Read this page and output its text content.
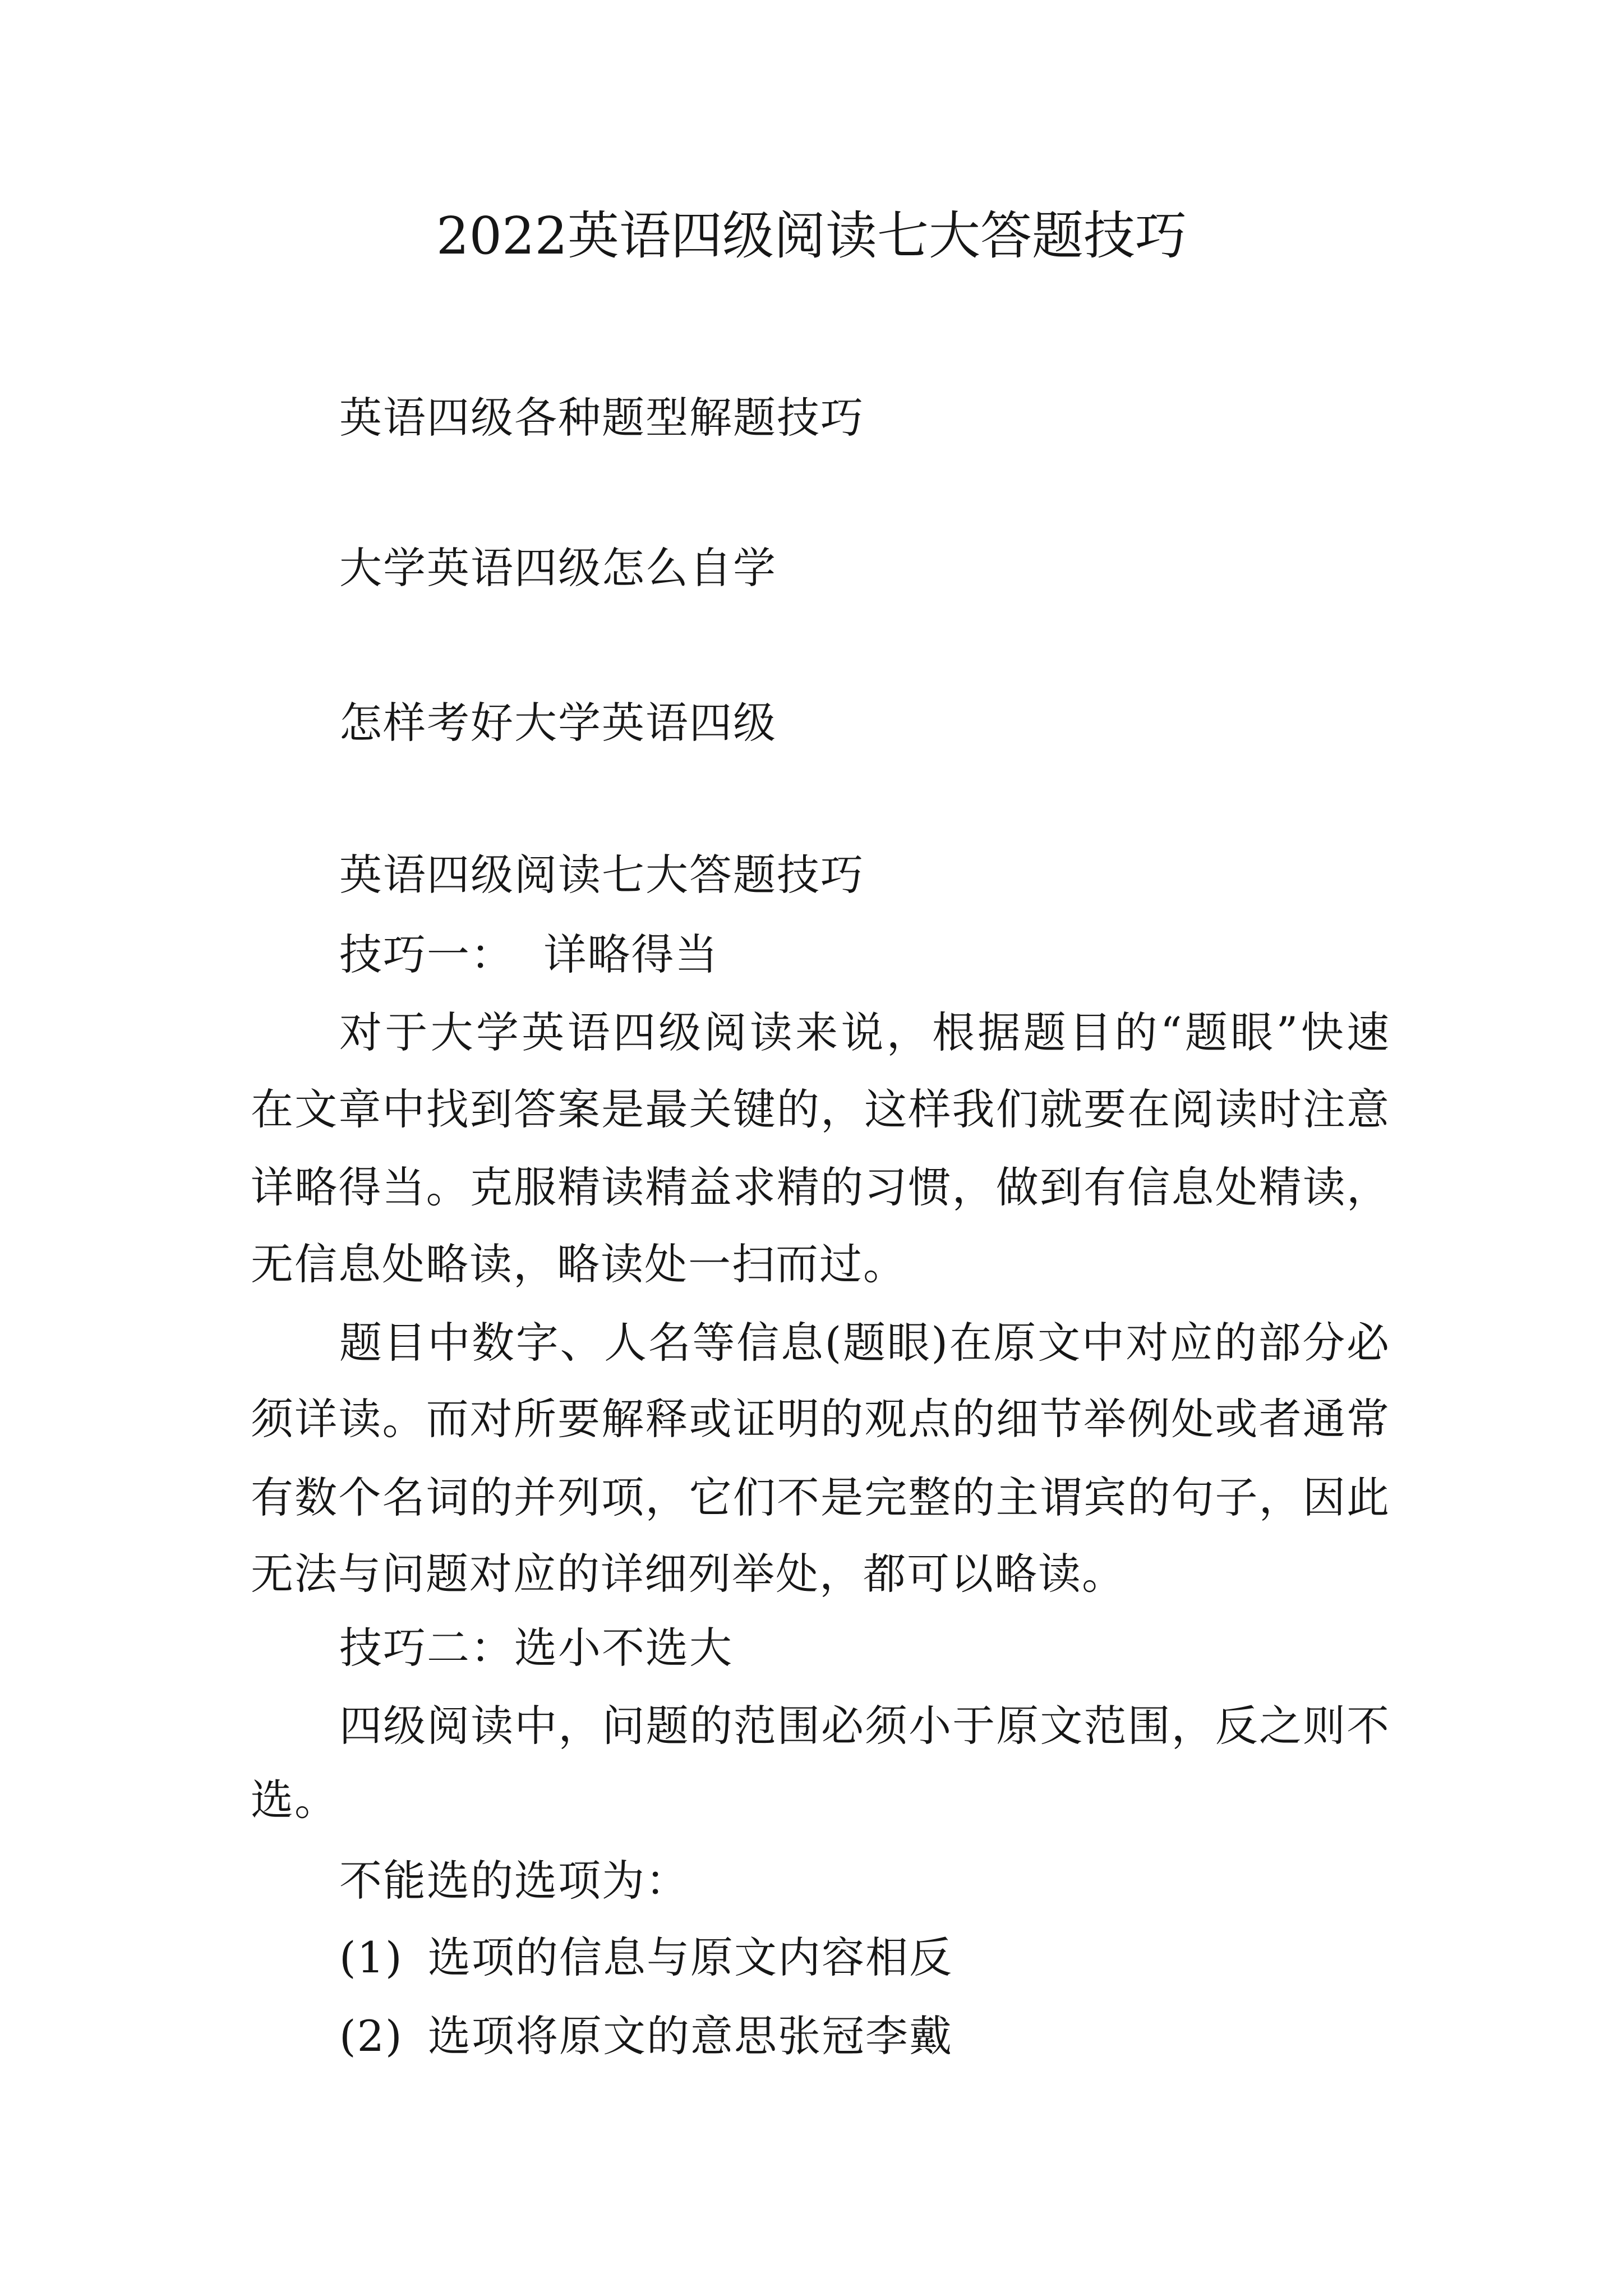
2022英语四级阅读七大答题技巧
英语四级各种题型解题技巧
大学英语四级怎么自学
怎样考好大学英语四级
英语四级阅读七大答题技巧
技巧一：  详略得当
对于大学英语四级阅读来说，根据题目的“题眼”快速
在文章中找到答案是最关键的，这样我们就要在阅读时注意
详略得当。克服精读精益求精的习惯，做到有信息处精读，
无信息处略读，略读处一扫而过。
题目中数字、人名等信息(题眼)在原文中对应的部分必
须详读。而对所要解释或证明的观点的细节举例处或者通常
有数个名词的并列项，它们不是完整的主谓宾的句子，因此
无法与问题对应的详细列举处，都可以略读。
技巧二：选小不选大
四级阅读中，问题的范围必须小于原文范围，反之则不
选。
不能选的选项为：
(1) 选项的信息与原文内容相反
(2) 选项将原文的意思张冠李戴
